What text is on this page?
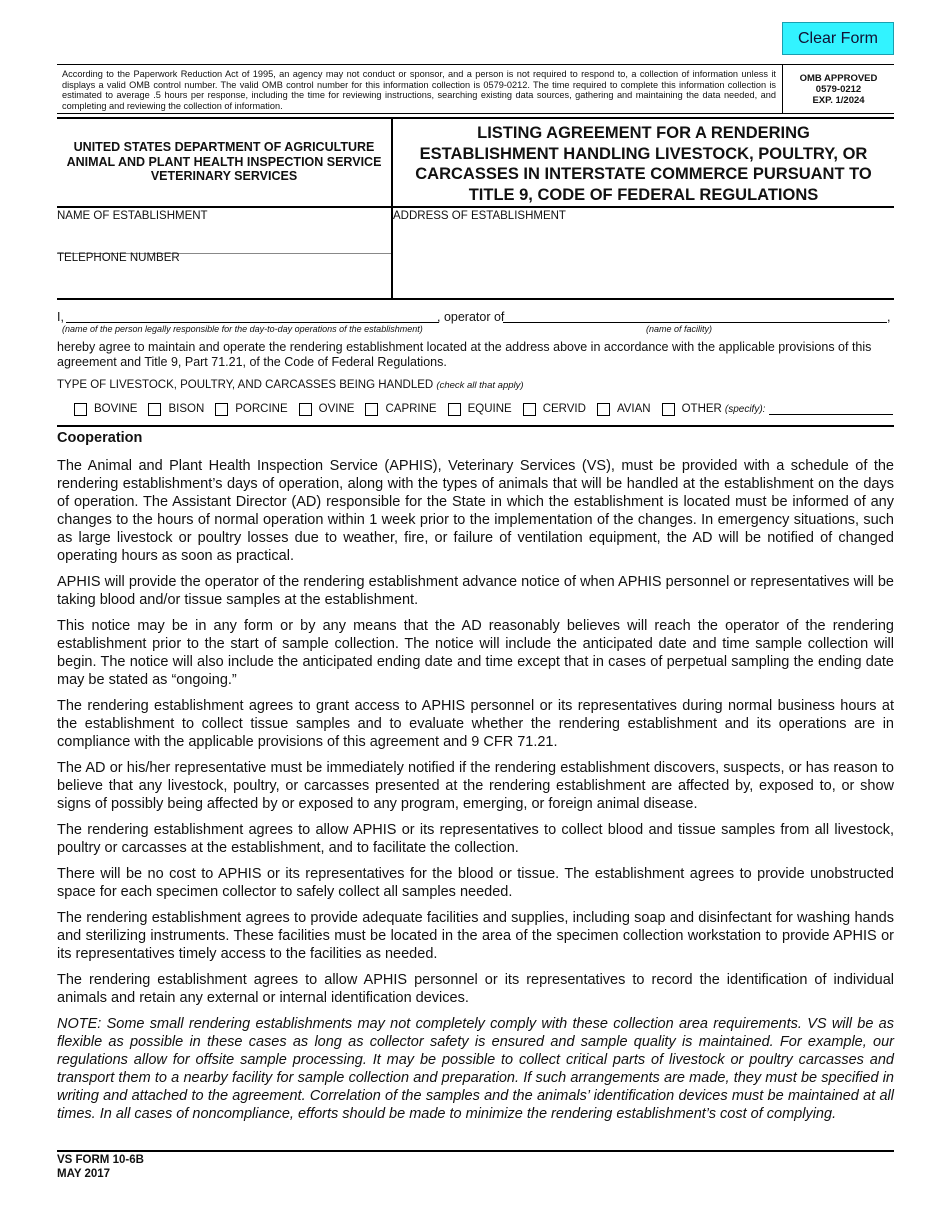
Clear Form
According to the Paperwork Reduction Act of 1995, an agency may not conduct or sponsor, and a person is not required to respond to, a collection of information unless it displays a valid OMB control number. The valid OMB control number for this information collection is 0579-0212. The time required to complete this information collection is estimated to average .5 hours per response, including the time for reviewing instructions, searching existing data sources, gathering and maintaining the data needed, and completing and reviewing the collection of information.
OMB APPROVED
0579-0212
EXP. 1/2024
UNITED STATES DEPARTMENT OF AGRICULTURE
ANIMAL AND PLANT HEALTH INSPECTION SERVICE
VETERINARY SERVICES
LISTING AGREEMENT FOR A RENDERING
ESTABLISHMENT HANDLING LIVESTOCK, POULTRY, OR
CARCASSES IN INTERSTATE COMMERCE PURSUANT TO
TITLE 9, CODE OF FEDERAL REGULATIONS
NAME OF ESTABLISHMENT
TELEPHONE NUMBER
ADDRESS OF ESTABLISHMENT
I,	, operator of	,
(name of the person legally responsible for the day-to-day operations of the establishment)	(name of facility)
hereby agree to maintain and operate the rendering establishment located at the address above in accordance with the applicable provisions of this agreement and Title 9, Part 71.21, of the Code of Federal Regulations.
TYPE OF LIVESTOCK, POULTRY, AND CARCASSES BEING HANDLED (check all that apply)
BOVINE	BISON	PORCINE	OVINE	CAPRINE	EQUINE	CERVID	AVIAN	OTHER (specify):
Cooperation

The Animal and Plant Health Inspection Service (APHIS), Veterinary Services (VS), must be provided with a schedule of the rendering establishment’s days of operation, along with the types of animals that will be handled at the establishment on the days of operation. The Assistant Director (AD) responsible for the State in which the establishment is located must be informed of any changes to the hours of normal operation within 1 week prior to the implementation of the changes. In emergency situations, such as large livestock or poultry losses due to weather, fire, or failure of ventilation equipment, the AD will be notified of changed operating hours as soon as practical.

APHIS will provide the operator of the rendering establishment advance notice of when APHIS personnel or representatives will be taking blood and/or tissue samples at the establishment.

This notice may be in any form or by any means that the AD reasonably believes will reach the operator of the rendering establishment prior to the start of sample collection. The notice will include the anticipated date and time sample collection will begin. The notice will also include the anticipated ending date and time except that in cases of perpetual sampling the ending date may be stated as “ongoing.”

The rendering establishment agrees to grant access to APHIS personnel or its representatives during normal business hours at the establishment to collect tissue samples and to evaluate whether the rendering establishment and its operations are in compliance with the applicable provisions of this agreement and 9 CFR 71.21.

The AD or his/her representative must be immediately notified if the rendering establishment discovers, suspects, or has reason to believe that any livestock, poultry, or carcasses presented at the rendering establishment are affected by, exposed to, or show signs of possibly being affected by or exposed to any program, emerging, or foreign animal disease.

The rendering establishment agrees to allow APHIS or its representatives to collect blood and tissue samples from all livestock, poultry or carcasses at the establishment, and to facilitate the collection.

There will be no cost to APHIS or its representatives for the blood or tissue. The establishment agrees to provide unobstructed space for each specimen collector to safely collect all samples needed.

The rendering establishment agrees to provide adequate facilities and supplies, including soap and disinfectant for washing hands and sterilizing instruments. These facilities must be located in the area of the specimen collection workstation to provide APHIS or its representatives timely access to the facilities as needed.

The rendering establishment agrees to allow APHIS personnel or its representatives to record the identification of individual animals and retain any external or internal identification devices.

NOTE: Some small rendering establishments may not completely comply with these collection area requirements. VS will be as flexible as possible in these cases as long as collector safety is ensured and sample quality is maintained. For example, our regulations allow for offsite sample processing. It may be possible to collect critical parts of livestock or poultry carcasses and transport them to a nearby facility for sample collection and preparation. If such arrangements are made, they must be specified in writing and attached to the agreement. Correlation of the samples and the animals’ identification devices must be maintained at all times. In all cases of noncompliance, efforts should be made to minimize the rendering establishment’s cost of complying.

VS FORM 10-6B
MAY 2017
